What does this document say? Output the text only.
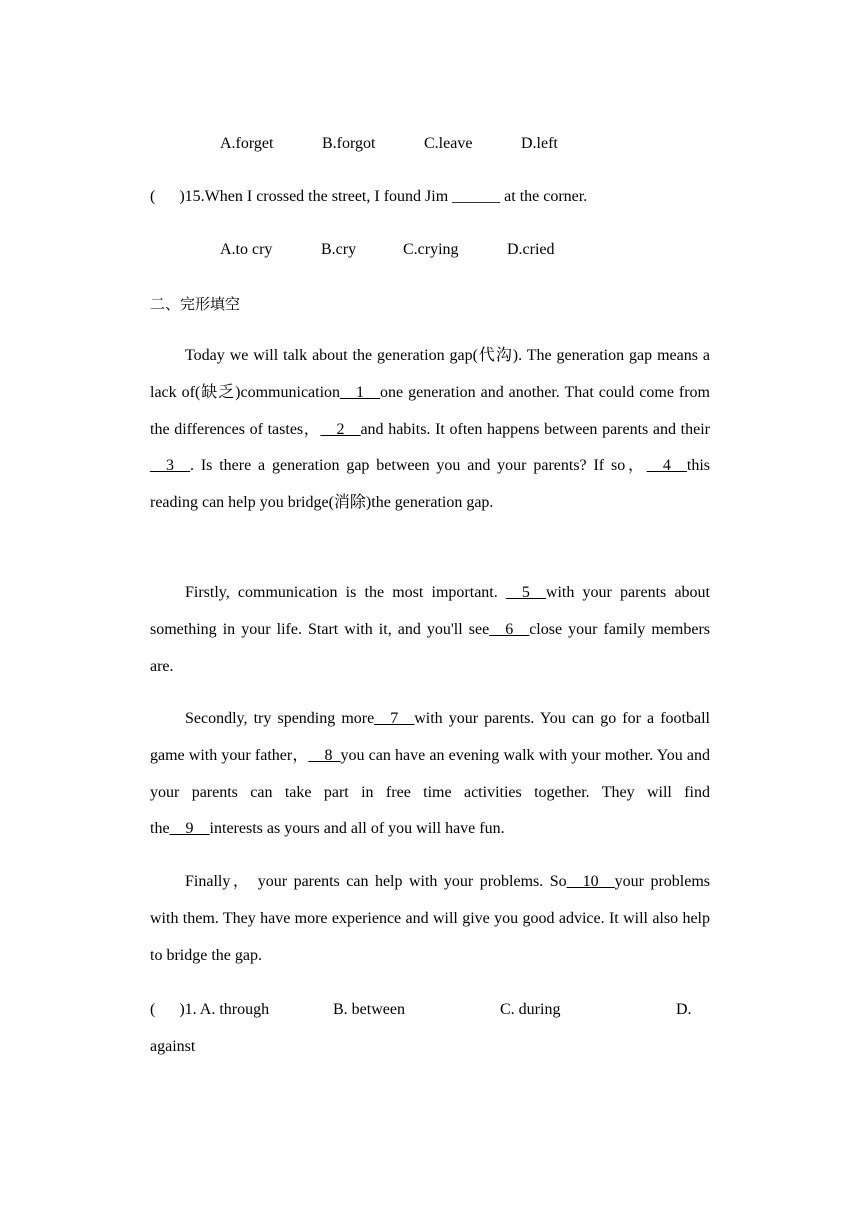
A.forget	B.forgot	C.leave	D.left
(      )15.When I crossed the street, I found Jim ______ at the corner.
A.to cry	B.cry	C.crying	D.cried
二、完形填空
Today we will talk about the generation gap(代沟). The generation gap means a lack of(缺乏)communication__1__one generation and another. That could come from the differences of tastes，__2__and habits. It often happens between parents and their __3__. Is there a generation gap between you and your parents? If so，__4__this reading can help you bridge(消除)the generation gap.
Firstly, communication is the most important. __5__with your parents about something in your life. Start with it, and you'll see__6__close your family members are.
Secondly, try spending more__7__with your parents. You can go for a football game with your father，__8_you can have an evening walk with your mother. You and your parents can take part in free time activities together. They will find the__9__interests as yours and all of you will have fun.
Finally， your parents can help with your problems. So__10__your problems with them. They have more experience and will give you good advice. It will also help to bridge the gap.
(      )1. A. through	B. between	C. during	D.
against
